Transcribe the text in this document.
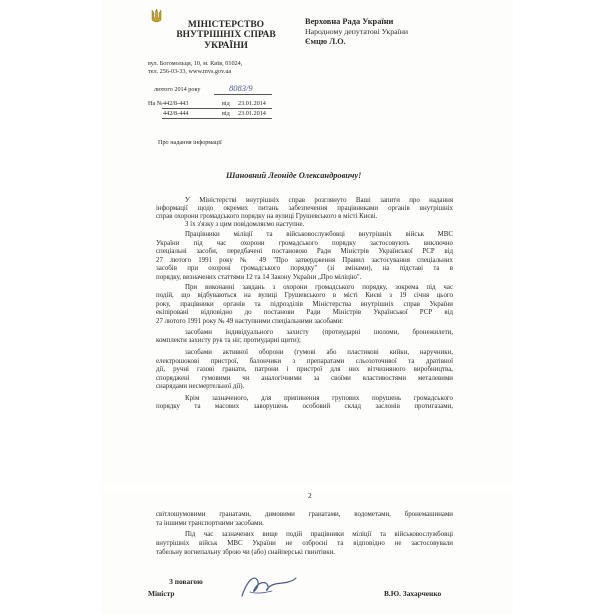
МІНІСТЕРСТВО
ВНУТРІШНІХ СПРАВ
УКРАЇНИ
вул. Богомольця, 10, м. Київ, 01024,
тел. 256-03-33, www.mvs.gov.ua
Верховна Рада України
Народному депутатові України
Ємцю Л.О.
лютого 2014 року	8083/9
На № 442/8-443	від 23.01.2014
442/8-444	від 23.01.2014
Про надання інформації
Шановний Леоніде Олександровичу!
У Міністерстві внутрішніх справ розглянуто Ваші запити про надання
інформації щодо окремих питань забезпечення працівниками органів внутрішніх
справ охорони громадського порядку на вулиці Грушевського в місті Києві.
З їх з'язку з цим повідомляємо наступне.
Працівники міліції та військовослужбовці внутрішніх військ МВС
України під час охорони громадського порядку застосовують виключно
спеціальні засоби, передбачені постановою Ради Міністрів Української РСР від
27 лютого 1991 року № 49 "Про затвердження Правил застосування спеціальних
засобів при охороні громадського порядку" (зі змінами), на підставі та в
порядку, визначених статтями 12 та 14 Закону України „Про міліцію".
При виконанні завдань з охорони громадського порядку, зокрема під час
подій, що відбуваються на вулиці Грушевського в місті Києві з 19 січня цього
року, працівники органів та підрозділів Міністерства внутрішніх справ України
екіпіровані відповідно до постанови Ради Міністрів Української РСР від
27 лютого 1991 року № 49 наступними спеціальними засобами:
засобами індивідуального захисту (протиударні шоломи, бронежилети,
комплекти захисту рук та ніг, протиударні щити);
засобами активної оборони (гумові або пластикові кийки, наручники,
електрошокові пристрої, балончики з препаратами сльозоточивої та дратівної
дії, ручні газові гранати, патрони і пристрої для них вітчизняного виробництва,
споряджені гумовими чи аналогічними за своїми властивостями металевими
снарядами несмертельної дії).
Крім зазначеного, для припинення групових порушень громадського
порядку та масових заворушень особовий склад заслонів протигазами,
2
світлошумовими гранатами, димовими гранатами, водометами, бронемашинами
та іншими транспортними засобами.
Під час зазначених вище подій працівники міліції та військовослужбовці
внутрішніх військ МВС України не озброєні та відповідно не застосовували
табельну вогнепальну зброю чи (або) снайперські гвинтівки.
З повагою
Міністр	В.Ю. Захарченко
